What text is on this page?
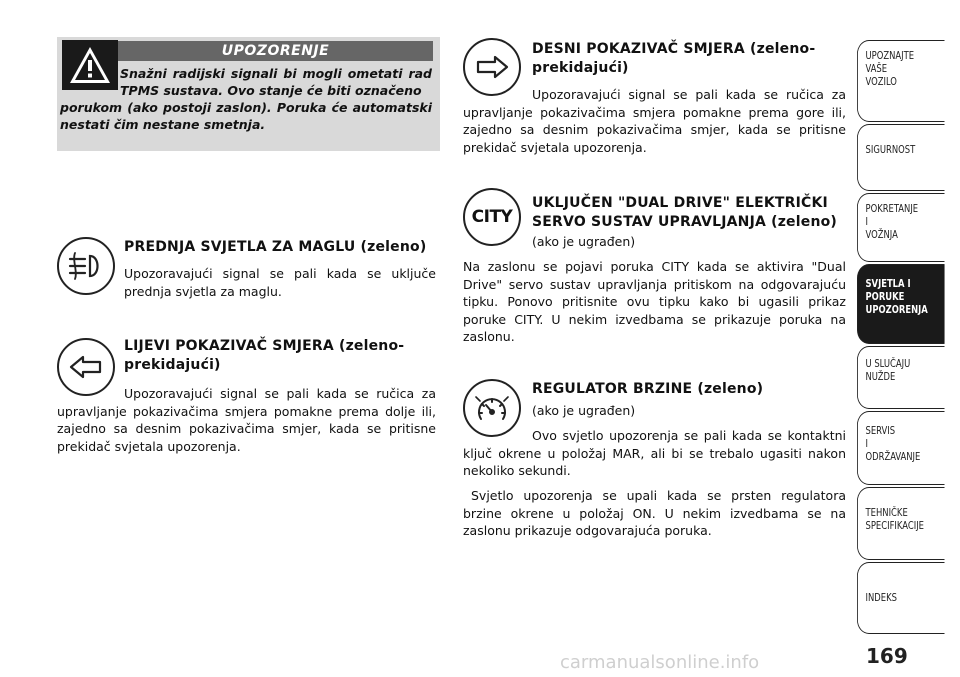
UPOZORENJE
Snažni radijski signali bi mogli ometati rad TPMS sustava. Ovo stanje će biti označeno
porukom (ako postoji zaslon). Poruka će automatski nestati čim nestane smetnja.
PREDNJA SVJETLA ZA MAGLU (zeleno)
Upozoravajući signal se pali kada se uključe prednja svjetla za maglu.
LIJEVI POKAZIVAČ SMJERA (zeleno-prekidajući)
Upozoravajući signal se pali kada se ručica za upravljanje pokazivačima smjera pomakne prema dolje ili, zajedno sa desnim pokazivačima smjer, kada se pritisne prekidač svjetala upozorenja.
DESNI POKAZIVAČ SMJERA (zeleno-prekidajući)
Upozoravajući signal se pali kada se ručica za upravljanje pokazivačima smjera pomakne prema gore ili, zajedno sa desnim pokazivačima smjer, kada se pritisne prekidač svjetala upozorenja.
CITY
UKLJUČEN "DUAL DRIVE" ELEKTRIČKI SERVO SUSTAV UPRAVLJANJA (zeleno)
(ako je ugrađen)
Na zaslonu se pojavi poruka CITY kada se aktivira "Dual Drive" servo sustav upravljanja pritiskom na odgovarajuću tipku. Ponovo pritisnite ovu tipku kako bi ugasili prikaz poruke CITY. U nekim izvedbama se prikazuje poruka na zaslonu.
REGULATOR BRZINE (zeleno)
(ako je ugrađen)
Ovo svjetlo upozorenja se pali kada se kontaktni ključ okrene u položaj MAR, ali bi se trebalo ugasiti nakon nekoliko sekundi.
Svjetlo upozorenja se upali kada se prsten regulatora brzine okrene u položaj ON. U nekim izvedbama se na zaslonu prikazuje odgovarajuća poruka.
UPOZNAJTE
VAŠE
VOZILO
SIGURNOST
POKRETANJE
I
VOŽNJA
SVJETLA I
PORUKE
UPOZORENJA
U SLUČAJU
NUŽDE
SERVIS
I
ODRŽAVANJE
TEHNIČKE
SPECIFIKACIJE
INDEKS
169
carmanualsonline.info
